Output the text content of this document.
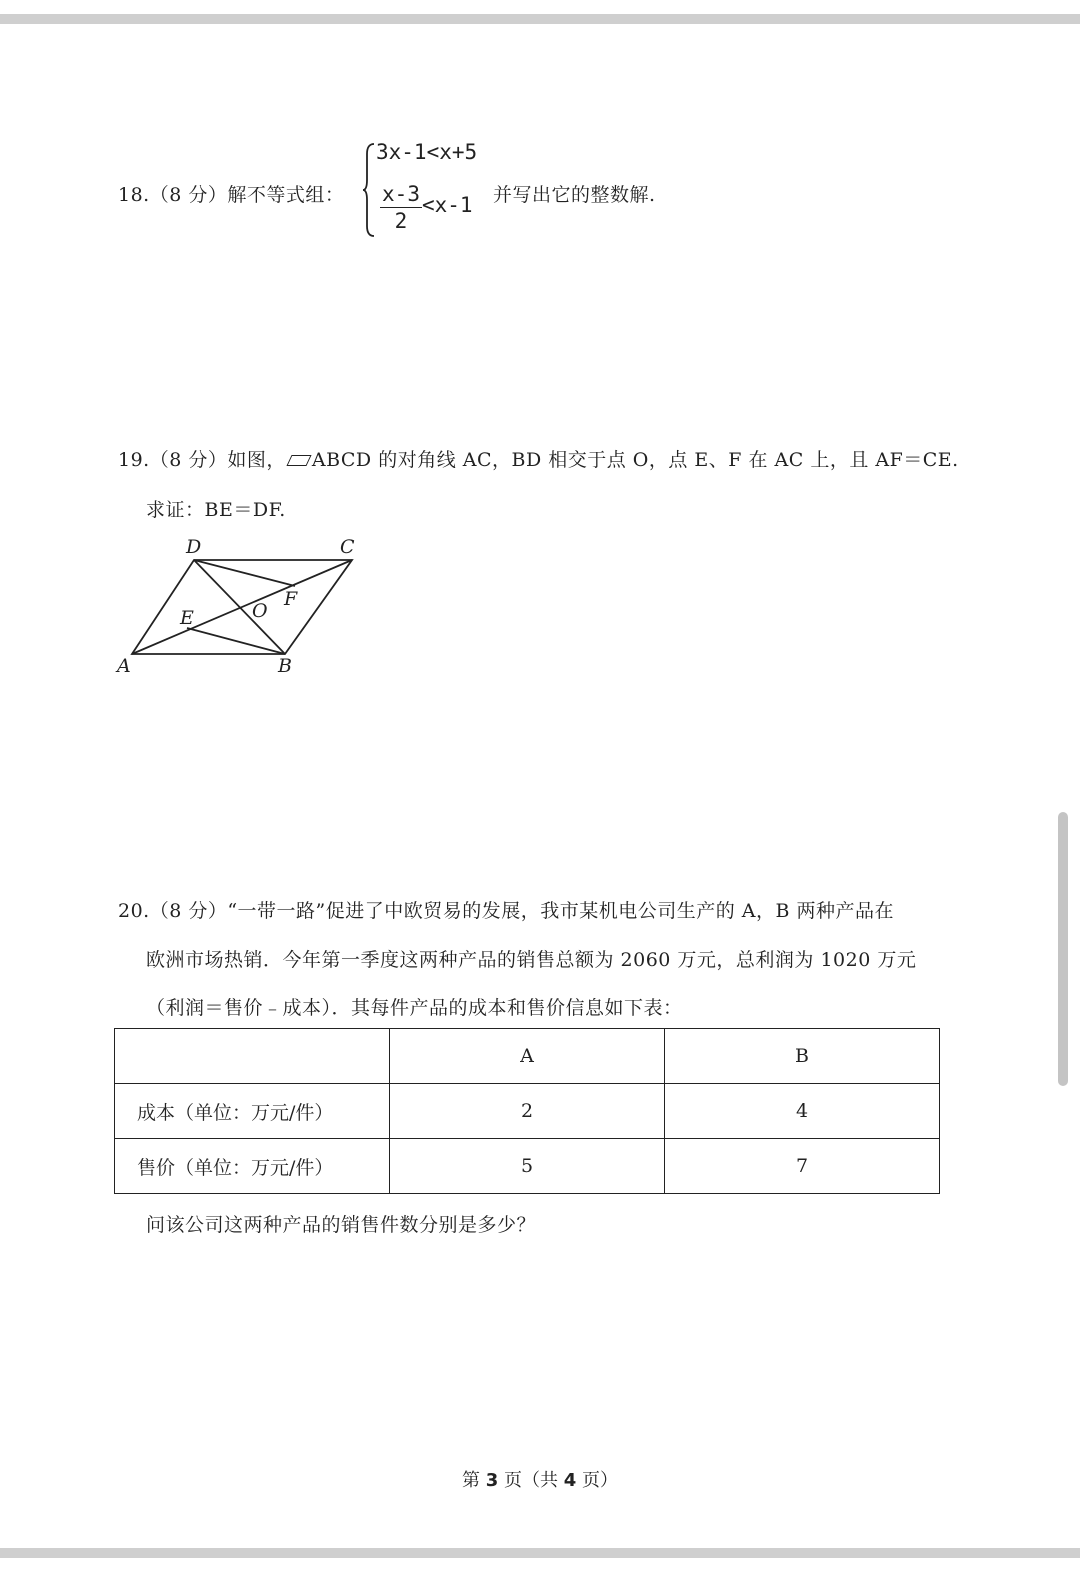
18.（8 分）解不等式组：
3x-1<x+5
x-3
2
<x-1 并写出它的整数解.
19.（8 分）如图， ABCD 的对角线 AC，BD 相交于点 O，点 E、F 在 AC 上，且 AF＝CE.
求证：BE＝DF.
A	B
C
D
E
F
O
20.（8 分）“一带一路”促进了中欧贸易的发展，我市某机电公司生产的 A，B 两种产品在
欧洲市场热销．今年第一季度这两种产品的销售总额为 2060 万元，总利润为 1020 万元
（利润＝售价﹣成本）．其每件产品的成本和售价信息如下表：
	A	B
成本（单位：万元/件）	2	4
售价（单位：万元/件）	5	7
问该公司这两种产品的销售件数分别是多少？
第 3 页（共 4 页）
